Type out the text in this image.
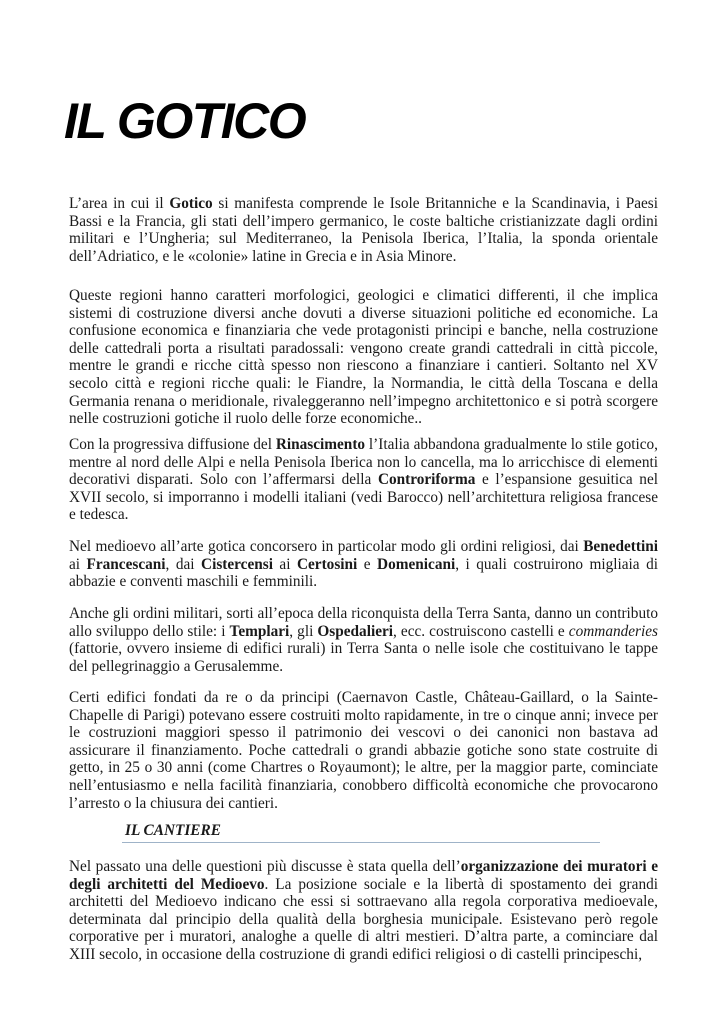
IL GOTICO

L’area in cui il Gotico si manifesta comprende le Isole Britanniche e la Scandinavia, i Paesi Bassi e la Francia, gli stati dell’impero germanico, le coste baltiche cristianizzate dagli ordini militari e l’Ungheria; sul Mediterraneo, la Penisola Iberica, l’Italia, la sponda orientale dell’Adriatico, e le «colonie» latine in Grecia e in Asia Minore.

Queste regioni hanno caratteri morfologici, geologici e climatici differenti, il che implica sistemi di costruzione diversi anche dovuti a diverse situazioni politiche ed economiche. La confusione economica e finanziaria che vede protagonisti principi e banche, nella costruzione delle cattedrali porta a risultati paradossali: vengono create grandi cattedrali in città piccole, mentre le grandi e ricche città spesso non riescono a finanziare i cantieri. Soltanto nel XV secolo città e regioni ricche quali: le Fiandre, la Normandia, le città della Toscana e della Germania renana o meridionale, rivaleggeranno nell’impegno architettonico e si potrà scorgere nelle costruzioni gotiche il ruolo delle forze economiche..

Con la progressiva diffusione del Rinascimento l’Italia abbandona gradualmente lo stile gotico, mentre al nord delle Alpi e nella Penisola Iberica non lo cancella, ma lo arricchisce di elementi decorativi disparati. Solo con l’affermarsi della Controriforma e l’espansione gesuitica nel XVII secolo, si imporranno i modelli italiani (vedi Barocco) nell’architettura religiosa francese e tedesca.

Nel medioevo all’arte gotica concorsero in particolar modo gli ordini religiosi, dai Benedettini ai Francescani, dai Cistercensi ai Certosini e Domenicani, i quali costruirono migliaia di abbazie e conventi maschili e femminili.

Anche gli ordini militari, sorti all’epoca della riconquista della Terra Santa, danno un contributo allo sviluppo dello stile: i Templari, gli Ospedalieri, ecc. costruiscono castelli e commanderies (fattorie, ovvero insieme di edifici rurali) in Terra Santa o nelle isole che costituivano le tappe del pellegrinaggio a Gerusalemme.

Certi edifici fondati da re o da principi (Caernavon Castle, Château-Gaillard, o la Sainte-Chapelle di Parigi) potevano essere costruiti molto rapidamente, in tre o cinque anni; invece per le costruzioni maggiori spesso il patrimonio dei vescovi o dei canonici non bastava ad assicurare il finanziamento. Poche cattedrali o grandi abbazie gotiche sono state costruite di getto, in 25 o 30 anni (come Chartres o Royaumont); le altre, per la maggior parte, cominciate nell’entusiasmo e nella facilità finanziaria, conobbero difficoltà economiche che provocarono l’arresto o la chiusura dei cantieri.

IL CANTIERE

Nel passato una delle questioni più discusse è stata quella dell’organizzazione dei muratori e degli architetti del Medioevo. La posizione sociale e la libertà di spostamento dei grandi architetti del Medioevo indicano che essi si sottraevano alla regola corporativa medioevale, determinata dal principio della qualità della borghesia municipale. Esistevano però regole corporative per i muratori, analoghe a quelle di altri mestieri. D’altra parte, a cominciare dal XIII secolo, in occasione della costruzione di grandi edifici religiosi o di castelli principeschi,
